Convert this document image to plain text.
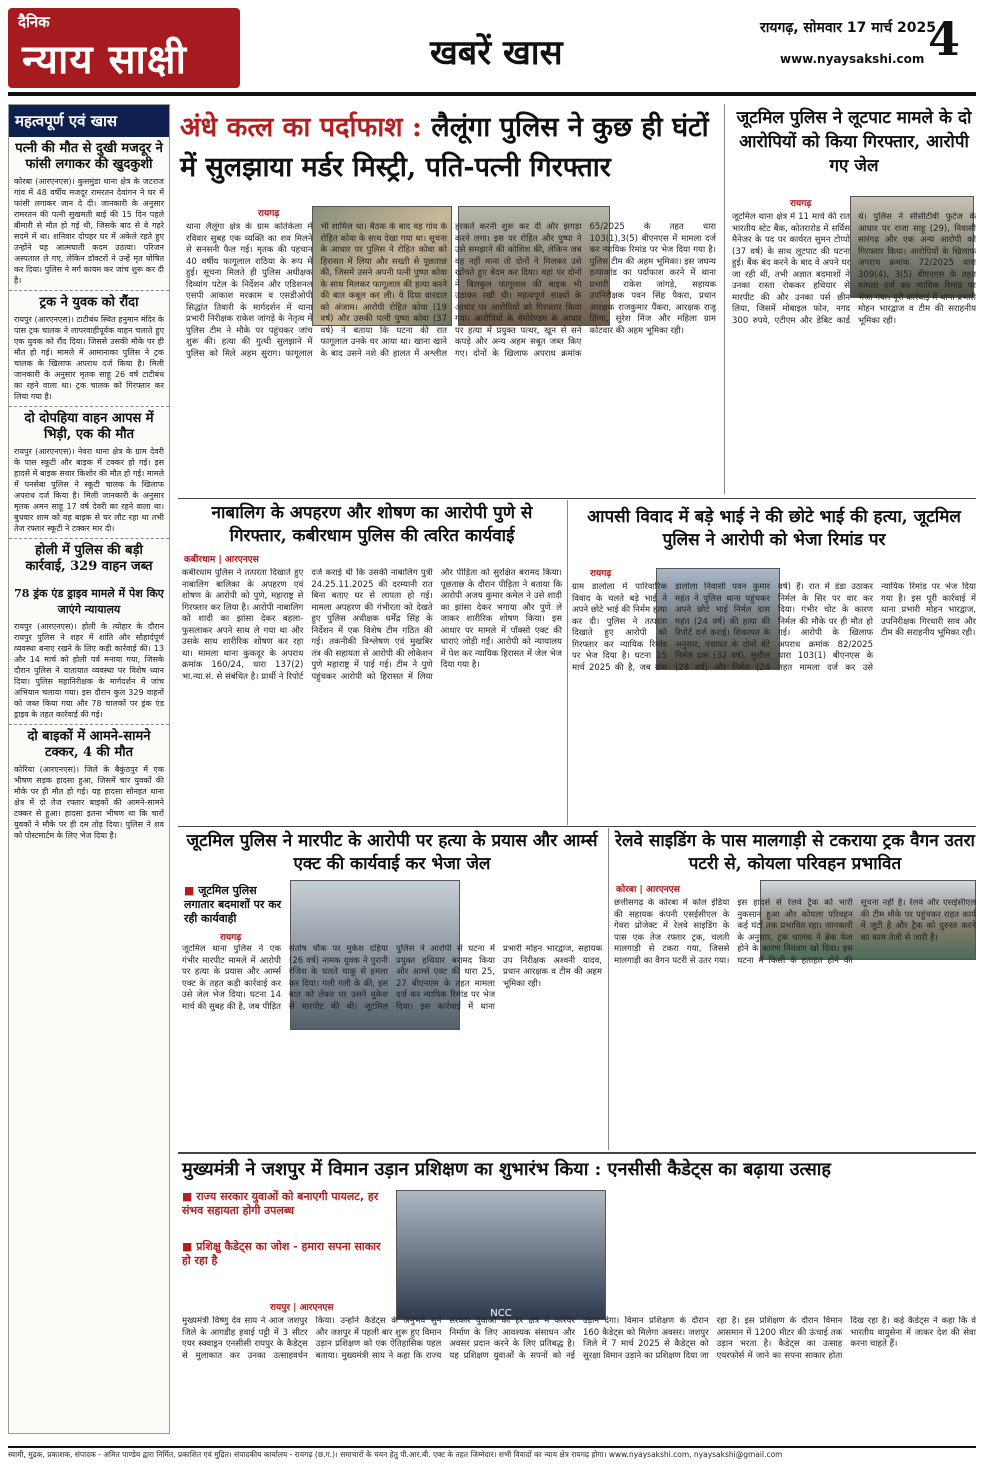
दैनिक
न्याय साक्षी	खबरें खास
रायगढ़, सोमवार 17 मार्च 2025
www.nyaysakshi.com 4
महत्वपूर्ण एवं खास
पत्नी की मौत से दुखी मजदूर ने फांसी लगाकर की खुदकुशी

कोरबा (आरएनएस)। कुसमुंडा थाना क्षेत्र के जटराज गांव में 48 वर्षीय मजदूर रामरतन देवांगन ने घर में फांसी लगाकर जान दे दी। जानकारी के अनुसार रामरतन की पत्नी सुखमती बाई की 15 दिन पहले बीमारी से मौत हो गई थी, जिसके बाद से वे गहरे सदमे में था। शनिवार दोपहर घर में अकेले रहते हुए उन्होंने यह आत्मघाती कदम उठाया। परिजन अस्पताल ले गए, लेकिन डॉक्टरों ने उन्हें मृत घोषित कर दिया। पुलिस ने मर्ग कायम कर जांच शुरू कर दी है।

ट्रक ने युवक को रौंदा

रायपुर (आरएनएस)। टाटीबंध स्थित हनुमान मंदिर के पास ट्रक चालक ने लापरवाहीपूर्वक वाहन चलाते हुए एक युवक को रौंद दिया। जिससे उसकी मौके पर ही मौत हो गई। मामले में आमानाका पुलिस ने ट्रक चालक के खिलाफ अपराध दर्ज किया है। मिली जानकारी के अनुसार मृतक साहू 26 वर्ष टाटीबंध का रहने वाला था। ट्रक चालक को गिरफ्तार कर लिया गया है।

दो दोपहिया वाहन आपस में भिड़ी, एक की मौत

रायपुर (आरएनएस)। नेवरा थाना क्षेत्र के ग्राम देवरी के पास स्कूटी और बाइक में टक्कर हो गई। इस हादसे में बाइक सवार किशोर की मौत हो गई। मामले में पनसेबा पुलिस ने स्कूटी चालक के खिलाफ अपराध दर्ज किया है। मिली जानकारी के अनुसार मृतक अमन साहू 17 वर्ष देवरी का रहने वाला था। बुधवार शाम को वह बाइक से घर लौट रहा था तभी तेज रफ्तार स्कूटी ने टक्कर मार दी।

होली में पुलिस की बड़ी कार्रवाई, 329 वाहन जब्त
78 ड्रंक एंड ड्राइव मामले में पेश किए जाएंगे न्यायालय

रायपुर (आरएनएस)। होली के त्योहार के दौरान रायपुर पुलिस ने शहर में शांति और सौहार्दपूर्ण व्यवस्था बनाए रखने के लिए कड़ी कार्रवाई की। 13 और 14 मार्च को होली पर्व मनाया गया, जिसके दौरान पुलिस ने यातायात व्यवस्था पर विशेष ध्यान दिया। पुलिस महानिरीक्षक के मार्गदर्शन में जांच अभियान चलाया गया। इस दौरान कुल 329 वाहनों को जब्त किया गया और 78 चालकों पर ड्रंक एंड ड्राइव के तहत कार्रवाई की गई।

दो बाइकों में आमने-सामने टक्कर, 4 की मौत

कोरिया (आरएनएस)। जिले के बैकुंठपुर में एक भीषण सड़क हादसा हुआ, जिसमें चार युवकों की मौके पर ही मौत हो गई। यह हादसा सोनहत थाना क्षेत्र में दो तेज रफ्तार बाइकों की आमने-सामने टक्कर से हुआ। हादसा इतना भीषण था कि चारों युवकों ने मौके पर ही दम तोड़ दिया। पुलिस ने शव को पोस्टमार्टम के लिए भेज दिया है।

अंधे कत्ल का पर्दाफाश : लैलूंगा पुलिस ने कुछ ही घंटों में सुलझाया मर्डर मिस्ट्री, पति-पत्नी गिरफ्तार
रायगढ़
थाना लैलूंगा क्षेत्र के ग्राम कोतेकेला में रविवार सुबह एक व्यक्ति का शव मिलने से सनसनी फैल गई। मृतक की पहचान 40 वर्षीय फागूलाल राठिया के रूप में हुई। सूचना मिलते ही पुलिस अधीक्षक दिव्यांग पटेल के निर्देशन और एडिशनल एसपी आकाश मरकाम व एसडीओपी सिद्धांत तिवारी के मार्गदर्शन में थाना प्रभारी निरीक्षक राकेश जांगड़े के नेतृत्व में पुलिस टीम ने मौके पर पहुंचकर जांच शुरू की। हत्या की गुत्थी सुलझाने में पुलिस को मिले अहम सुराग। फागूलाल भी शामिल था। बैठक के बाद वह गांव के रोहित कोवा के साथ देखा गया था। सूचना के आधार पर पुलिस ने रोहित कोवा को हिरासत में लिया और सख्ती से पूछताछ की, जिसमें उसने अपनी पत्नी पुष्पा कोवा के साथ मिलकर फागूलाल की हत्या करने की बात कबूल कर ली। ये दिया वारदात को अंजाम। आरोपी रोहित कोवा (19 वर्ष) और उसकी पत्नी पुष्पा कोवा (37 वर्ष) ने बताया कि घटना की रात फागूलाल उनके घर आया था। खाना खाने के बाद उसने नशे की हालत में अश्लील हरकतें करनी शुरू कर दीं और झगड़ा करने लगा। इस पर रोहित और पुष्पा ने उसे समझाने की कोशिश की, लेकिन जब वह नहीं माना तो दोनों ने मिलकर उसे खोंचते हुए बेदम कर दिया। वहां पर दोनों ने बिलकुल फागूलाल की बाइक भी उठाकर रखी थी। महत्वपूर्ण साक्ष्यों के आधार पर आरोपियों को गिरफ्तार किया गया। आरोपियों के मेमोरेण्डम के आधार पर हत्या में प्रयुक्त पत्थर, खून से सने कपड़े और अन्य अहम सबूत जब्त किए गए। दोनों के खिलाफ अपराध क्रमांक 65/2025 के तहत धारा 103(1),3(5) बीएनएस में मामला दर्ज कर न्यायिक रिमांड पर भेज दिया गया है। पुलिस टीम की अहम भूमिका। इस जघन्य हत्याकांड का पर्दाफाश करने में थाना प्रभारी राकेश जांगड़े, सहायक उपनिरीक्षक पवन सिंह पैकरा, प्रधान आरक्षक राजकुमार पैंकरा, आरक्षक राजू तिग्गा, सुरेश मिंज और महिला ग्राम कोटवार की अहम भूमिका रही।
जूटमिल पुलिस ने लूटपाट मामले के दो आरोपियों को किया गिरफ्तार, आरोपी गए जेल
रायगढ़
जूटमिल थाना क्षेत्र में 11 मार्च की रात भारतीय स्टेट बैंक, कोतरारोड में सर्विस मैनेजर के पद पर कार्यरत सुमन टोप्पो (37 वर्ष) के साथ लूटपाट की घटना हुई। बैंक बंद करने के बाद वे अपने घर जा रही थीं, तभी अज्ञात बदमाशों ने उनका रास्ता रोककर हथियार से मारपीट की और उनका पर्स छीन लिया, जिसमें मोबाइल फोन, नगद 300 रुपये, एटीएम और डेबिट कार्ड थे। पुलिस ने सीसीटीवी फुटेज के आधार पर राजा साहू (29), निवासी सारंगढ़ और एक अन्य आरोपी को गिरफ्तार किया। आरोपियों के खिलाफ अपराध क्रमांक 72/2025 धारा 309(4), 3(5) बीएनएस के तहत मामला दर्ज कर न्यायिक रिमांड पर भेजा गया। पूरी कार्रवाई में थाना प्रभारी मोहन भारद्वाज व टीम की सराहनीय भूमिका रही।
नाबालिग के अपहरण और शोषण का आरोपी पुणे से गिरफ्तार, कबीरधाम पुलिस की त्वरित कार्यवाई
कबीरधाम | आरएनएस
कबीरधाम पुलिस ने तत्परता दिखाते हुए नाबालिग बालिका के अपहरण एवं शोषण के आरोपी को पुणे, महाराष्ट्र से गिरफ्तार कर लिया है। आरोपी नाबालिग को शादी का झांसा देकर बहला-फुसलाकर अपने साथ ले गया था और उसके साथ शारीरिक शोषण कर रहा था। मामला थाना कुकदूर के अपराध क्रमांक 160/24, धारा 137(2) भा.न्या.सं. से संबंधित है। प्रार्थी ने रिपोर्ट दर्ज कराई थी कि उसकी नाबालिग पुत्री 24.25.11.2025 की दरम्यानी रात बिना बताए घर से लापता हो गई। मामला अपहरण की गंभीरता को देखते हुए पुलिस अधीक्षक धर्मेंद्र सिंह के निर्देशन में एक विशेष टीम गठित की गई। तकनीकी विश्लेषण एवं मुखबिर तंत्र की सहायता से आरोपी की लोकेशन पुणे महाराष्ट्र में पाई गई। टीम ने पुणे पहुंचकर आरोपी को हिरासत में लिया और पीड़िता को सुरक्षित बरामद किया। पूछताछ के दौरान पीड़िता ने बताया कि आरोपी अजय कुमार कमेल ने उसे शादी का झांसा देकर भगाया और पुणे ले जाकर शारीरिक शोषण किया। इस आधार पर मामले में पॉक्सो एक्ट की धाराएं जोड़ी गईं। आरोपी को न्यायालय में पेश कर न्यायिक हिरासत में जेल भेज दिया गया है।
आपसी विवाद में बड़े भाई ने की छोटे भाई की हत्या, जूटमिल पुलिस ने आरोपी को भेजा रिमांड पर
रायगढ़
ग्राम डालोला में पारिवारिक विवाद के चलते बड़े भाई ने अपने छोटे भाई की निर्मम हत्या कर दी। पुलिस ने तत्परता दिखाते हुए आरोपी को गिरफ्तार कर न्यायिक रिमांड पर भेज दिया है। घटना 15 मार्च 2025 की है, जब ग्राम डालोला निवासी पवन कुमार महंत ने पुलिस थाना पहुंचकर अपने छोटे भाई निर्मल दास महंत (24 वर्ष) की हत्या की रिपोर्ट दर्ज कराई। शिकायत के अनुसार, पंचायत के दोनों बेटे निर्मल दास (32 वर्ष), सुशील (28 वर्ष) और निर्मल (24 वर्ष) हैं। रात में डंडा उठाकर निर्मल के सिर पर वार कर दिया। गंभीर चोट के कारण निर्मल की मौके पर ही मौत हो गई। आरोपी के खिलाफ अपराध क्रमांक 82/2025 धारा 103(1) बीएनएस के तहत मामला दर्ज कर उसे न्यायिक रिमांड पर भेज दिया गया है। इस पूरी कार्रवाई में थाना प्रभारी मोहन भारद्वाज, उपनिरीक्षक गिरधारी साव और टीम की सराहनीय भूमिका रही।
जूटमिल पुलिस ने मारपीट के आरोपी पर हत्या के प्रयास और आर्म्स एक्ट की कार्यवाई कर भेजा जेल
■ जूटमिल पुलिस लगातार बदमाशों पर कर रही कार्यवाही
रायगढ़
जूटमिल थाना पुलिस ने एक गंभीर मारपीट मामले में आरोपी पर हत्या के प्रयास और आर्म्स एक्ट के तहत कड़ी कार्रवाई कर उसे जेल भेज दिया। घटना 14 मार्च की सुबह की है, जब पीड़ित संतोष चौक पर मुकेश दहिया (26 वर्ष) नामक युवक ने पुरानी रंजिश के चलते चाकू से हमला कर दिया। गली गली के की, इस बात को लेकर पर उसने मुकेश से मारपीट की थी। जूटमिल पुलिस ने आरोपी से घटना में प्रयुक्त हथियार बरामद किया और आर्म्स एक्ट की धारा 25, 27 बीएनएस के तहत मामला दर्ज कर न्यायिक रिमांड पर भेज दिया। इस कार्रवाई में थाना प्रभारी मोहन भारद्वाज, सहायक उप निरीक्षक अश्वनी यादव, प्रधान आरक्षक व टीम की अहम भूमिका रही।
रेलवे साइडिंग के पास मालगाड़ी से टकराया ट्रक वैगन उतरा पटरी से, कोयला परिवहन प्रभावित
कोरबा | आरएनएस
छत्तीसगढ़ के कोरबा में कोल इंडिया की सहायक कंपनी एसईसीएल के गेवरा प्रोजेक्ट में रेलवे साइडिंग के पास एक तेज रफ्तार ट्रक, चलती मालगाड़ी से टकरा गया, जिससे मालगाड़ी का वैगन पटरी से उतर गया। इस हादसे से रेलवे ट्रैक को भारी नुकसान हुआ और कोयला परिवहन कई घंटों तक प्रभावित रहा। जानकारी के अनुसार, ट्रक चालक ने ब्रेक फेल होने के कारण नियंत्रण खो दिया। इस घटना में किसी के हताहत होने की सूचना नहीं है। रेलवे और एसईसीएल की टीम मौके पर पहुंचकर राहत कार्य में जुटी है और ट्रैक को दुरुस्त करने का काम तेजी से जारी है।
मुख्यमंत्री ने जशपुर में विमान उड़ान प्रशिक्षण का शुभारंभ किया : एनसीसी कैडेट्स का बढ़ाया उत्साह
■ राज्य सरकार युवाओं को बनाएगी पायलट, हर संभव सहायता होगी उपलब्ध
■ प्रशिक्षु कैडेट्स का जोश - हमारा सपना साकार हो रहा है
रायपुर | आरएनएस	NCC
मुख्यमंत्री विष्णु देव साय ने आज जशपुर जिले के आगडीह हवाई पट्टी में 3 सीटर एयर स्क्वाड्रन एनसीसी रायपुर के कैडेट्स से मुलाकात कर उनका उत्साहवर्धन किया। उन्होंने कैडेट्स के अनुभव सुने और जशपुर में पहली बार शुरू हुए विमान उड़ान प्रशिक्षण को एक ऐतिहासिक पहल बताया। मुख्यमंत्री साय ने कहा कि राज्य सरकार युवाओं को हर क्षेत्र में करियर निर्माण के लिए आवश्यक संसाधन और अवसर प्रदान करने के लिए प्रतिबद्ध है। यह प्रशिक्षण युवाओं के सपनों को नई उड़ान देगा। विमान प्रशिक्षण के दौरान 160 कैडेट्स को मिलेगा अवसर। जशपुर जिले में 7 मार्च 2025 से कैडेट्स को सुरक्षा विमान उड़ाने का प्रशिक्षण दिया जा रहा है। इस प्रशिक्षण के दौरान विमान आसमान में 1200 मीटर की ऊंचाई तक उड़ान भरता है। कैडेट्स का उत्साह एयरफोर्स में जाने का सपना साकार होता दिख रहा है। कई कैडेट्स ने कहा कि वे भारतीय वायुसेना में जाकर देश की सेवा करना चाहते हैं।
स्वामी, मुद्रक, प्रकाशक, संपादक - अमित पाण्डेय द्वारा निर्मित, प्रकाशित एवं मुद्रित। संपादकीय कार्यालय - रायगढ़ (छ.ग.)। समाचारों के चयन हेतु पी.आर.बी. एक्ट के तहत जिम्मेदार। सभी विवादों का न्याय क्षेत्र रायगढ़ होगा। www.nyaysakshi.com, nyaysakshi@gmail.com
